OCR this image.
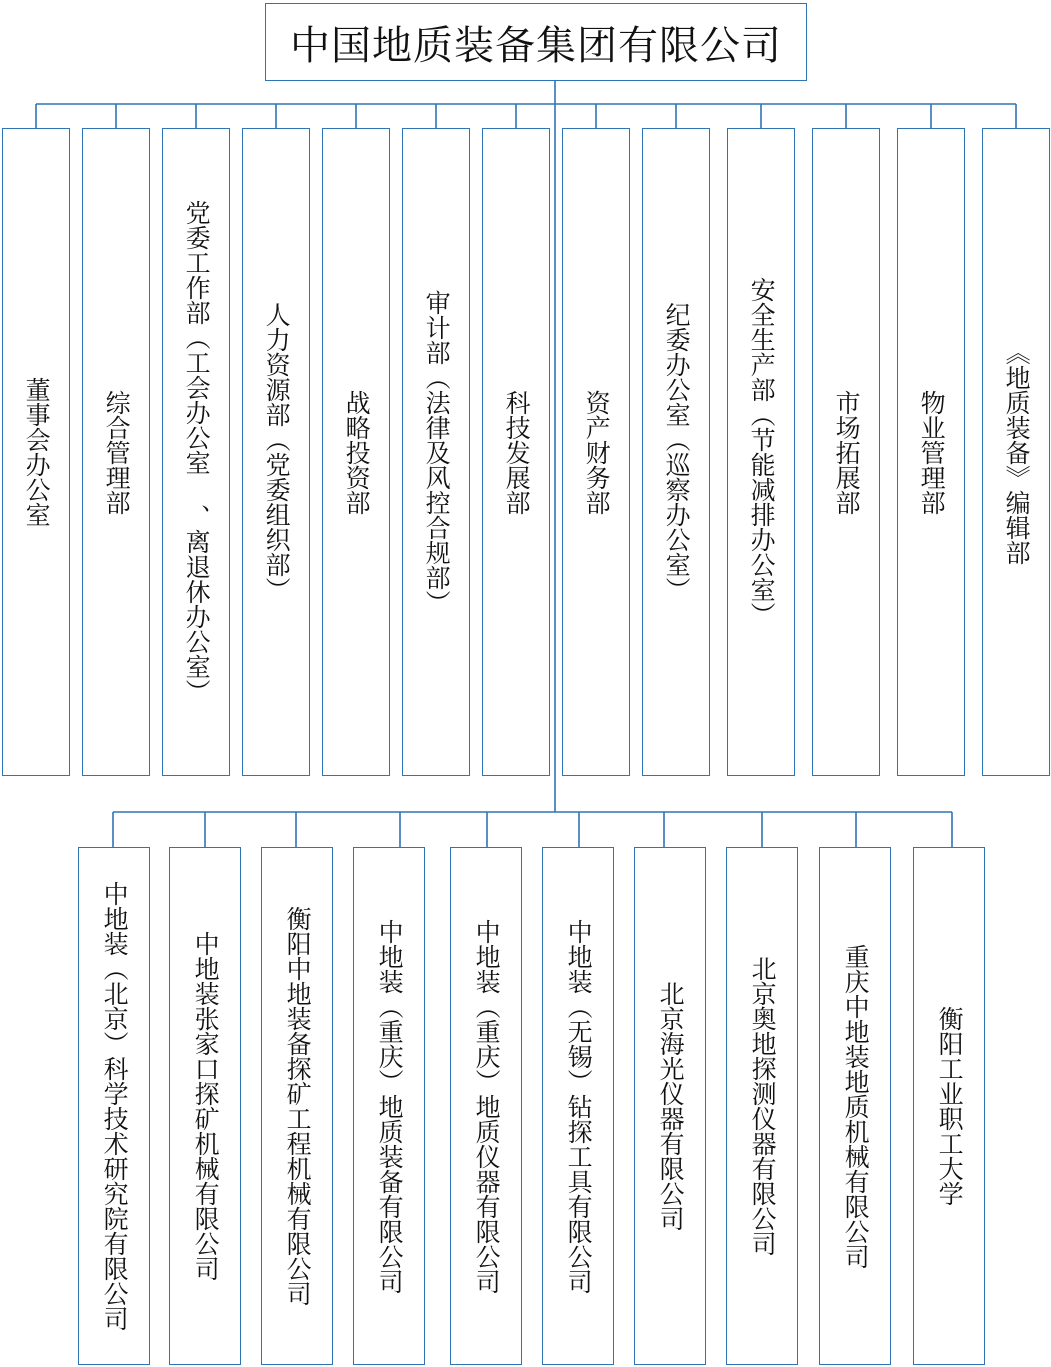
中国地质装备集团有限公司
董事会办公室 综合管理部 党委工作部（工会办公室 、离退休办公室） 人力资源部（党委组织部） 战略投资部 审计部（法律及风控合规部） 科技发展部 资产财务部 纪委办公室（巡察办公室） 安全生产部（节能减排办公室） 市场拓展部 物业管理部 《地质装备》编辑部
中地装（北京）科学技术研究院有限公司 中地装张家口探矿机械有限公司	衡阳中地装备探矿工程机械有限公司	中地装（重庆）地质装备有限公司	中地装（重庆）地质仪器有限公司	中地装（无锡）钻探工具有限公司	北京海光仪器有限公司	北京奥地探测仪器有限公司	重庆中地装地质机械有限公司	衡阳工业职工大学
